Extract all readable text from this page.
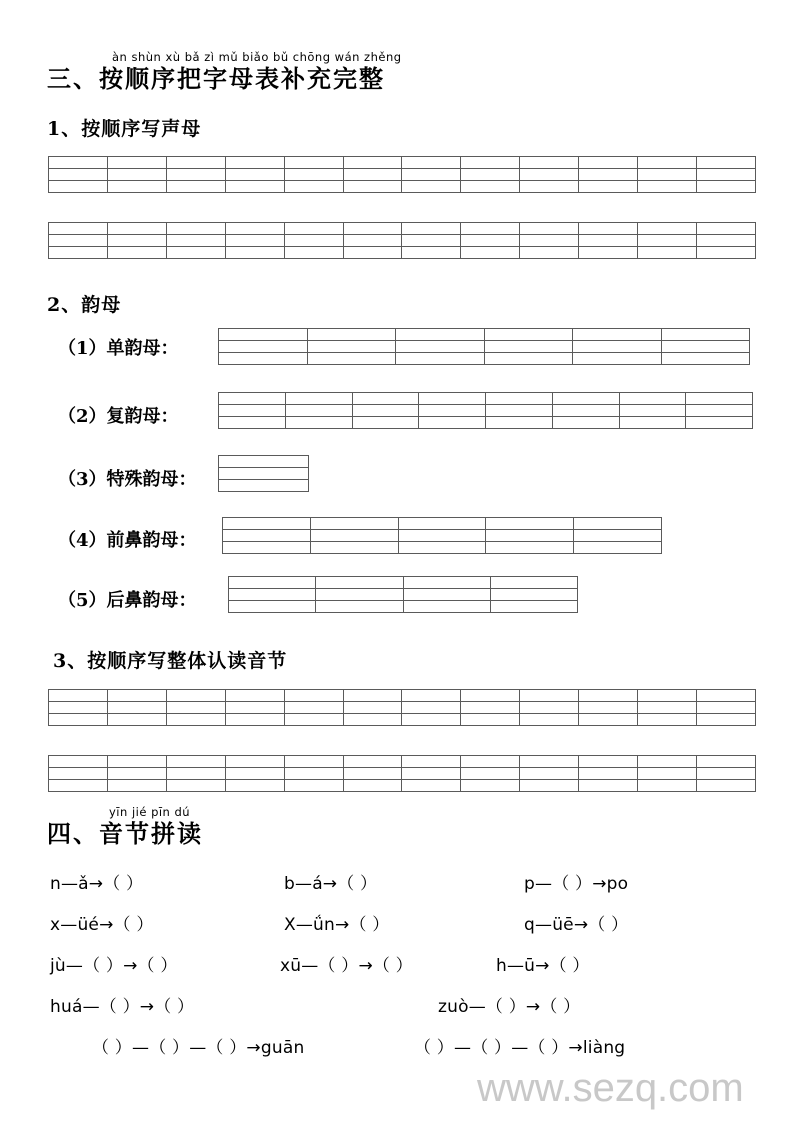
àn shùn xù bǎ zì mǔ biǎo bǔ chōng wán zhěng
三、按顺序把字母表补充完整
1、按顺序写声母

2、韵母
（1）单韵母：

（2）复韵母：

（3）特殊韵母：

（4）前鼻韵母：

（5）后鼻韵母：

3、按顺序写整体认读音节

yīn jié pīn dú
四、音节拼读
n—ǎ→（ ）	b—á→（ ）	p—（ ）→po
x—üé→（ ）	X—ǘn→（ ）	q—üē→（ ）
jù—（ ）→（ ）	xū—（ ）→（ ）	h—ū→（ ）
huá—（ ）→（ ）	zuò—（ ）→（ ）
（ ）—（ ）—（ ）→guān	（ ）—（ ）—（ ）→liàng
www.sezq.com
